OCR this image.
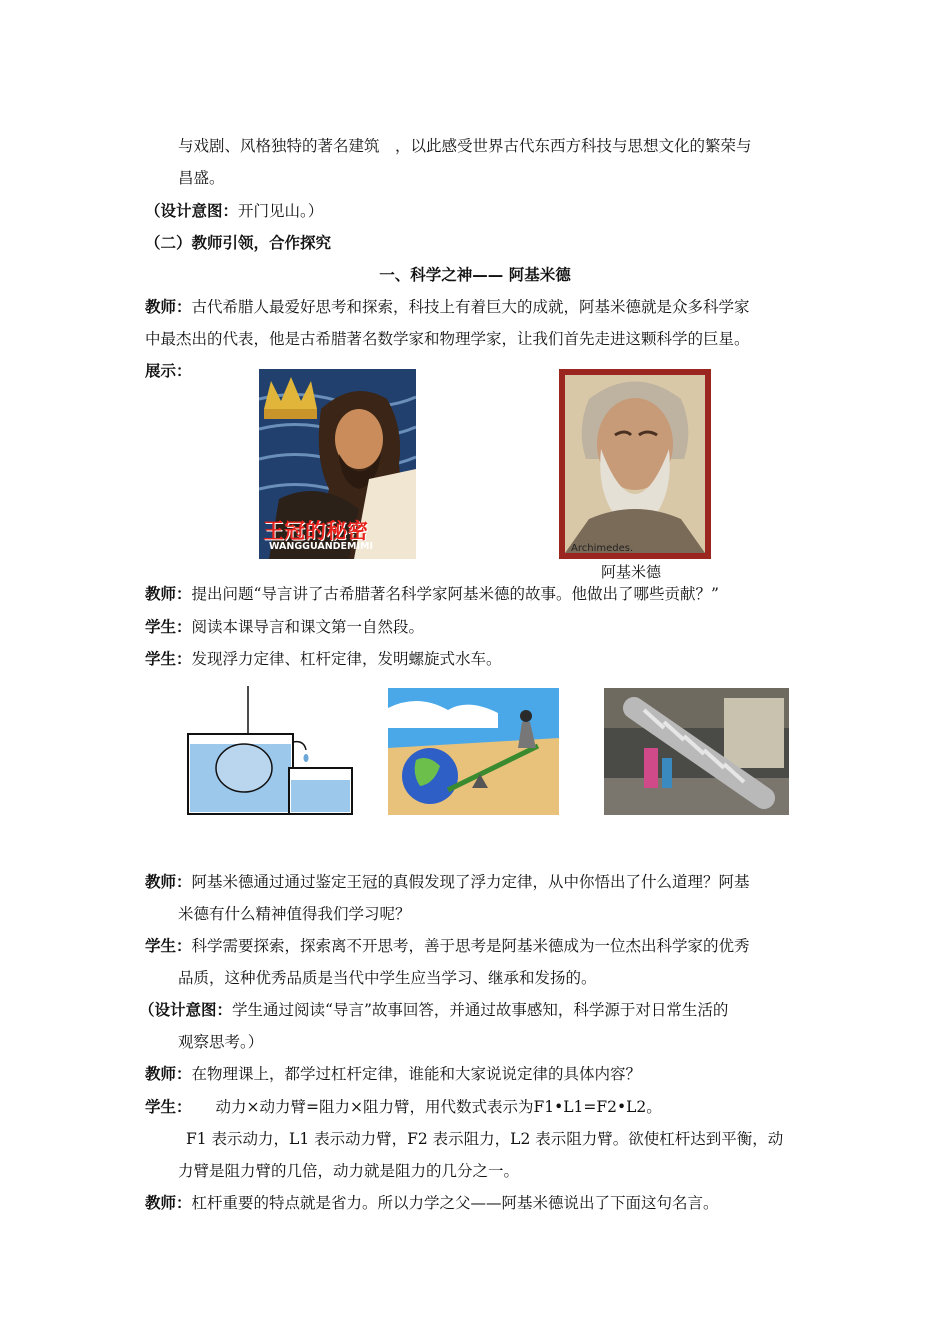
与戏剧、风格独特的著名建筑　，以此感受世界古代东西方科技与思想文化的繁荣与
昌盛。
（设计意图：开门见山。）
（二）教师引领，合作探究
一、科学之神—— 阿基米德
教师：古代希腊人最爱好思考和探索，科技上有着巨大的成就，阿基米德就是众多科学家
中最杰出的代表，他是古希腊著名数学家和物理学家，让我们首先走进这颗科学的巨星。
展示：
王冠的秘密
WANGGUANDEMIMI	Archimedes.
阿基米德
教师：提出问题“导言讲了古希腊著名科学家阿基米德的故事。他做出了哪些贡献？”
学生：阅读本课导言和课文第一自然段。
学生：发现浮力定律、杠杆定律，发明螺旋式水车。
教师：阿基米德通过通过鉴定王冠的真假发现了浮力定律，从中你悟出了什么道理？阿基
米德有什么精神值得我们学习呢？
学生：科学需要探索，探索离不开思考，善于思考是阿基米德成为一位杰出科学家的优秀
品质，这种优秀品质是当代中学生应当学习、继承和发扬的。
（设计意图：学生通过阅读“导言”故事回答，并通过故事感知，科学源于对日常生活的
观察思考。）
教师：在物理课上，都学过杠杆定律，谁能和大家说说定律的具体内容？
学生： 动力×动力臂=阻力×阻力臂，用代数式表示为F1•L1=F2•L2。
F1 表示动力，L1 表示动力臂，F2 表示阻力，L2 表示阻力臂。欲使杠杆达到平衡，动
力臂是阻力臂的几倍，动力就是阻力的几分之一。
教师：杠杆重要的特点就是省力。所以力学之父——阿基米德说出了下面这句名言。
